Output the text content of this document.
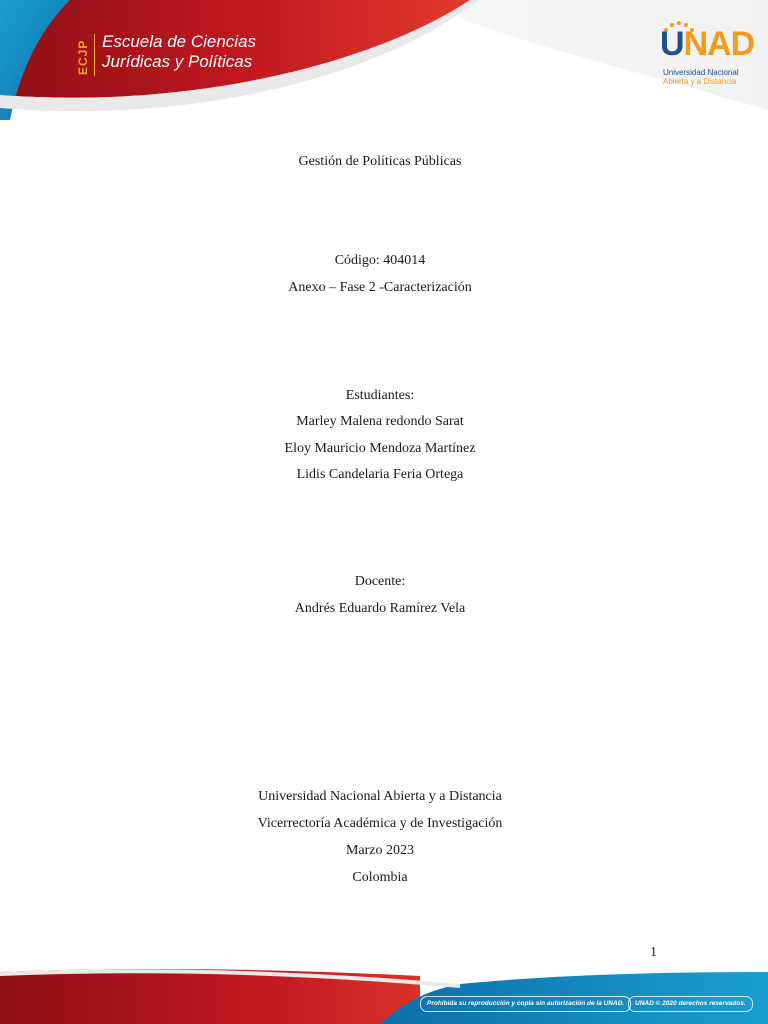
ECJP Escuela de Ciencias
Jurídicas y Políticas	UNAD
Universidad Nacional
Abierta y a Distancia
Gestión de Políticas Públicas
Código: 404014
Anexo – Fase 2 -Caracterización
Estudiantes:
Marley Malena redondo Sarat
Eloy Mauricio Mendoza Martínez
Lidis Candelaria Feria Ortega
Docente:
Andrés Eduardo Ramírez Vela
Universidad Nacional Abierta y a Distancia
Vicerrectoría Académica y de Investigación
Marzo 2023
Colombia
1
Prohibida su reproducción y copia sin autorización de la UNAD.	UNAD © 2020 derechos reservados.
